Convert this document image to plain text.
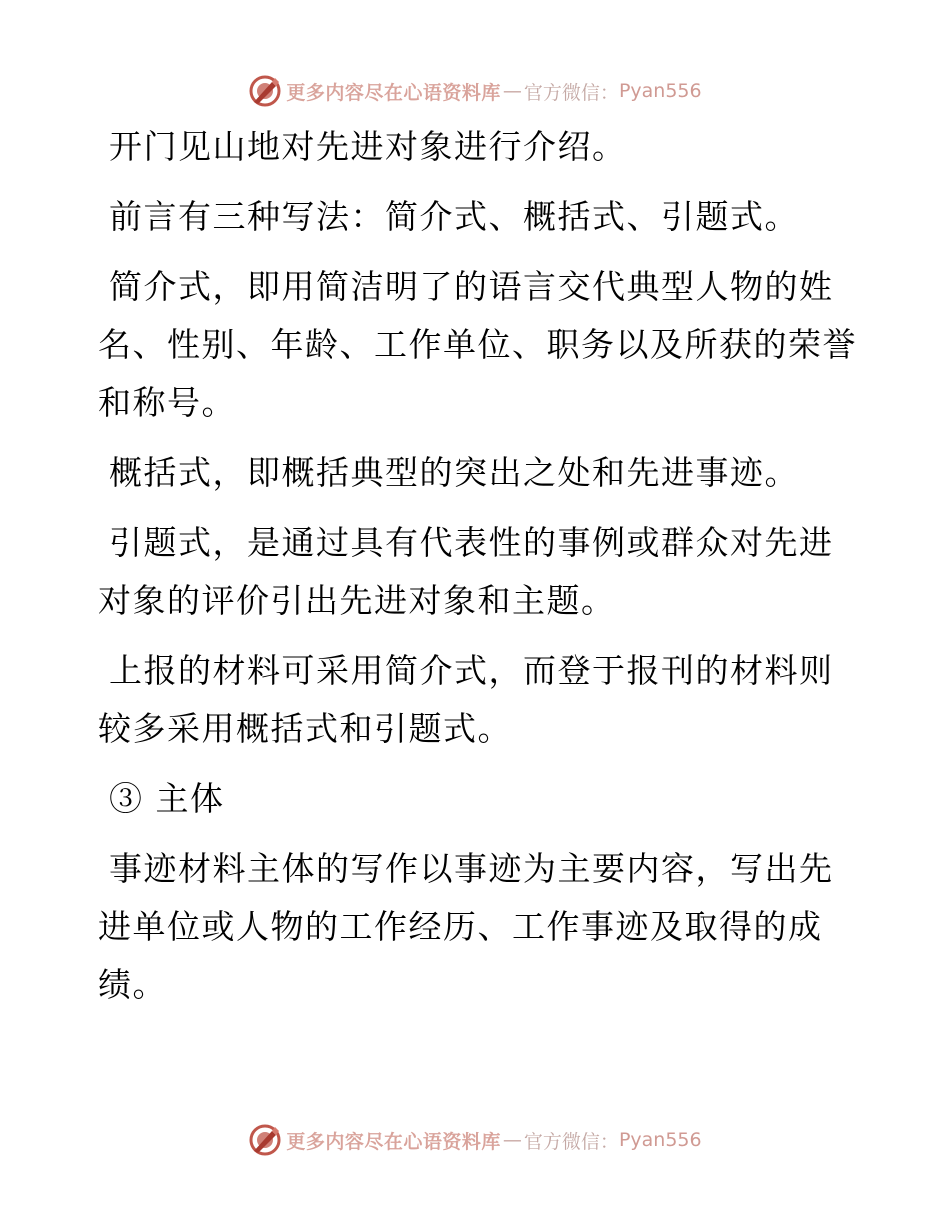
更多内容尽在心语资料库 — 官方微信： Pyan556

开门见山地对先进对象进行介绍。

前言有三种写法：简介式、概括式、引题式。

简介式，即用简洁明了的语言交代典型人物的姓名、性别、年龄、工作单位、职务以及所获的荣誉和称号。

概括式，即概括典型的突出之处和先进事迹。

引题式，是通过具有代表性的事例或群众对先进对象的评价引出先进对象和主题。

上报的材料可采用简介式，而登于报刊的材料则较多采用概括式和引题式。

③ 主体

事迹材料主体的写作以事迹为主要内容，写出先进单位或人物的工作经历、工作事迹及取得的成绩。

更多内容尽在心语资料库 — 官方微信： Pyan556
